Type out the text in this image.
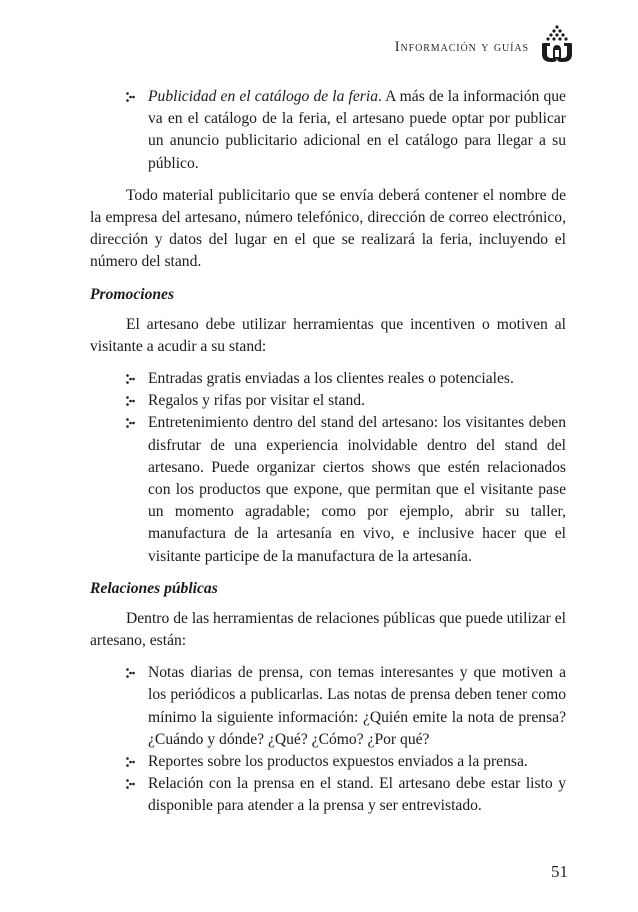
Información y guías
Publicidad en el catálogo de la feria. A más de la información que va en el catálogo de la feria, el artesano puede optar por publicar un anuncio publicitario adicional en el catálogo para llegar a su público.

Todo material publicitario que se envía deberá contener el nombre de la empresa del artesano, número telefónico, dirección de correo electrónico, dirección y datos del lugar en el que se realizará la feria, incluyendo el número del stand.

Promociones

El artesano debe utilizar herramientas que incentiven o motiven al visitante a acudir a su stand:

Entradas gratis enviadas a los clientes reales o potenciales.
Regalos y rifas por visitar el stand.
Entretenimiento dentro del stand del artesano: los visitantes deben disfrutar de una experiencia inolvidable dentro del stand del artesano. Puede organizar ciertos shows que estén relacionados con los productos que expone, que permitan que el visitante pase un momento agradable; como por ejemplo, abrir su taller, manufactura de la artesanía en vivo, e inclusive hacer que el visitante participe de la manufactura de la artesanía.
Relaciones públicas

Dentro de las herramientas de relaciones públicas que puede utilizar el artesano, están:

Notas diarias de prensa, con temas interesantes y que motiven a los periódicos a publicarlas. Las notas de prensa deben tener como mínimo la siguiente información: ¿Quién emite la nota de prensa? ¿Cuándo y dónde? ¿Qué? ¿Cómo? ¿Por qué?
Reportes sobre los productos expuestos enviados a la prensa.
Relación con la prensa en el stand. El artesano debe estar listo y disponible para atender a la prensa y ser entrevistado.
51
